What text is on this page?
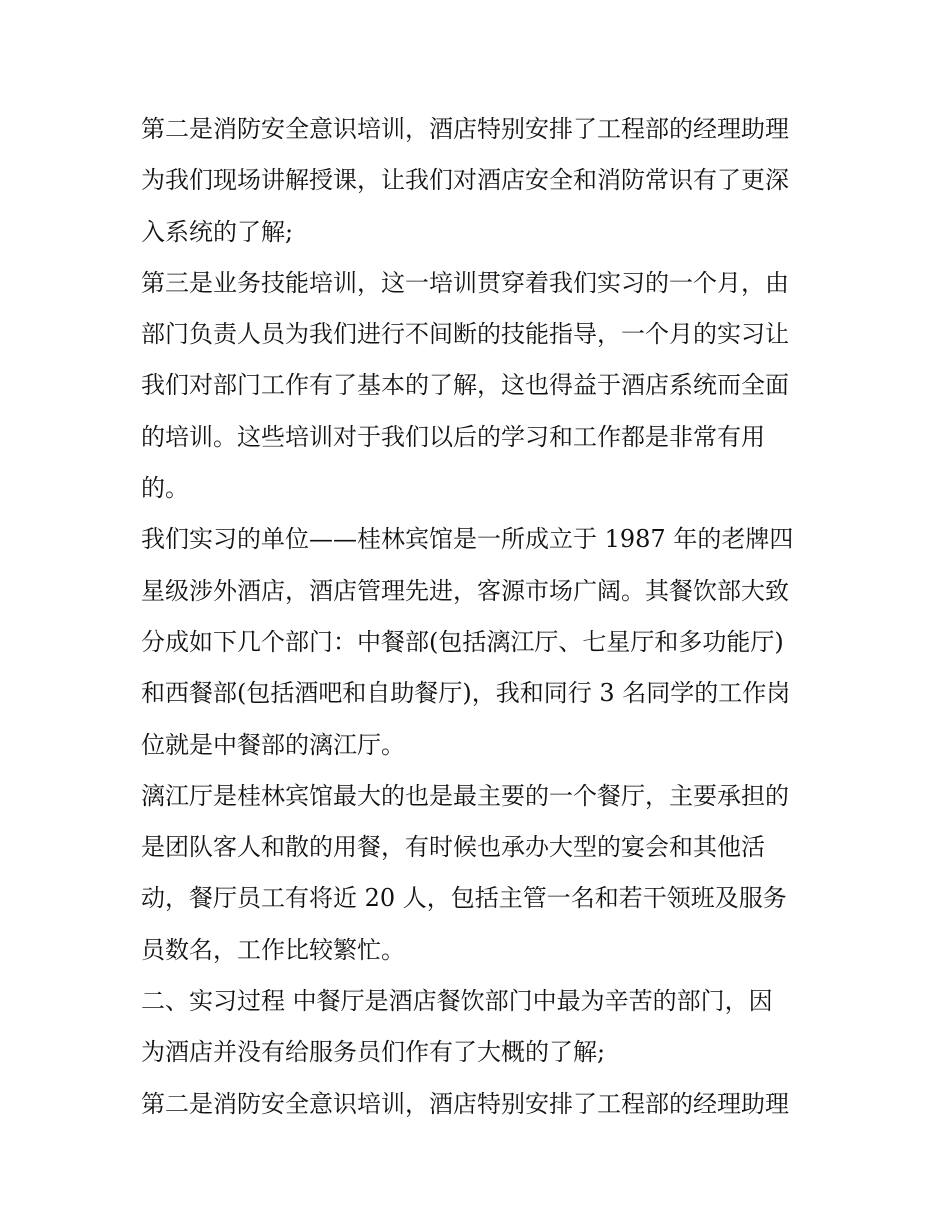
第二是消防安全意识培训，酒店特别安排了工程部的经理助理
为我们现场讲解授课，让我们对酒店安全和消防常识有了更深
入系统的了解;
第三是业务技能培训，这一培训贯穿着我们实习的一个月，由
部门负责人员为我们进行不间断的技能指导，一个月的实习让
我们对部门工作有了基本的了解，这也得益于酒店系统而全面
的培训。这些培训对于我们以后的学习和工作都是非常有用
的。
我们实习的单位——桂林宾馆是一所成立于 1987 年的老牌四
星级涉外酒店，酒店管理先进，客源市场广阔。其餐饮部大致
分成如下几个部门：中餐部(包括漓江厅、七星厅和多功能厅)
和西餐部(包括酒吧和自助餐厅)，我和同行 3 名同学的工作岗
位就是中餐部的漓江厅。
漓江厅是桂林宾馆最大的也是最主要的一个餐厅，主要承担的
是团队客人和散的用餐，有时候也承办大型的宴会和其他活
动，餐厅员工有将近 20 人，包括主管一名和若干领班及服务
员数名，工作比较繁忙。
二、实习过程 中餐厅是酒店餐饮部门中最为辛苦的部门，因
为酒店并没有给服务员们作有了大概的了解;
第二是消防安全意识培训，酒店特别安排了工程部的经理助理
